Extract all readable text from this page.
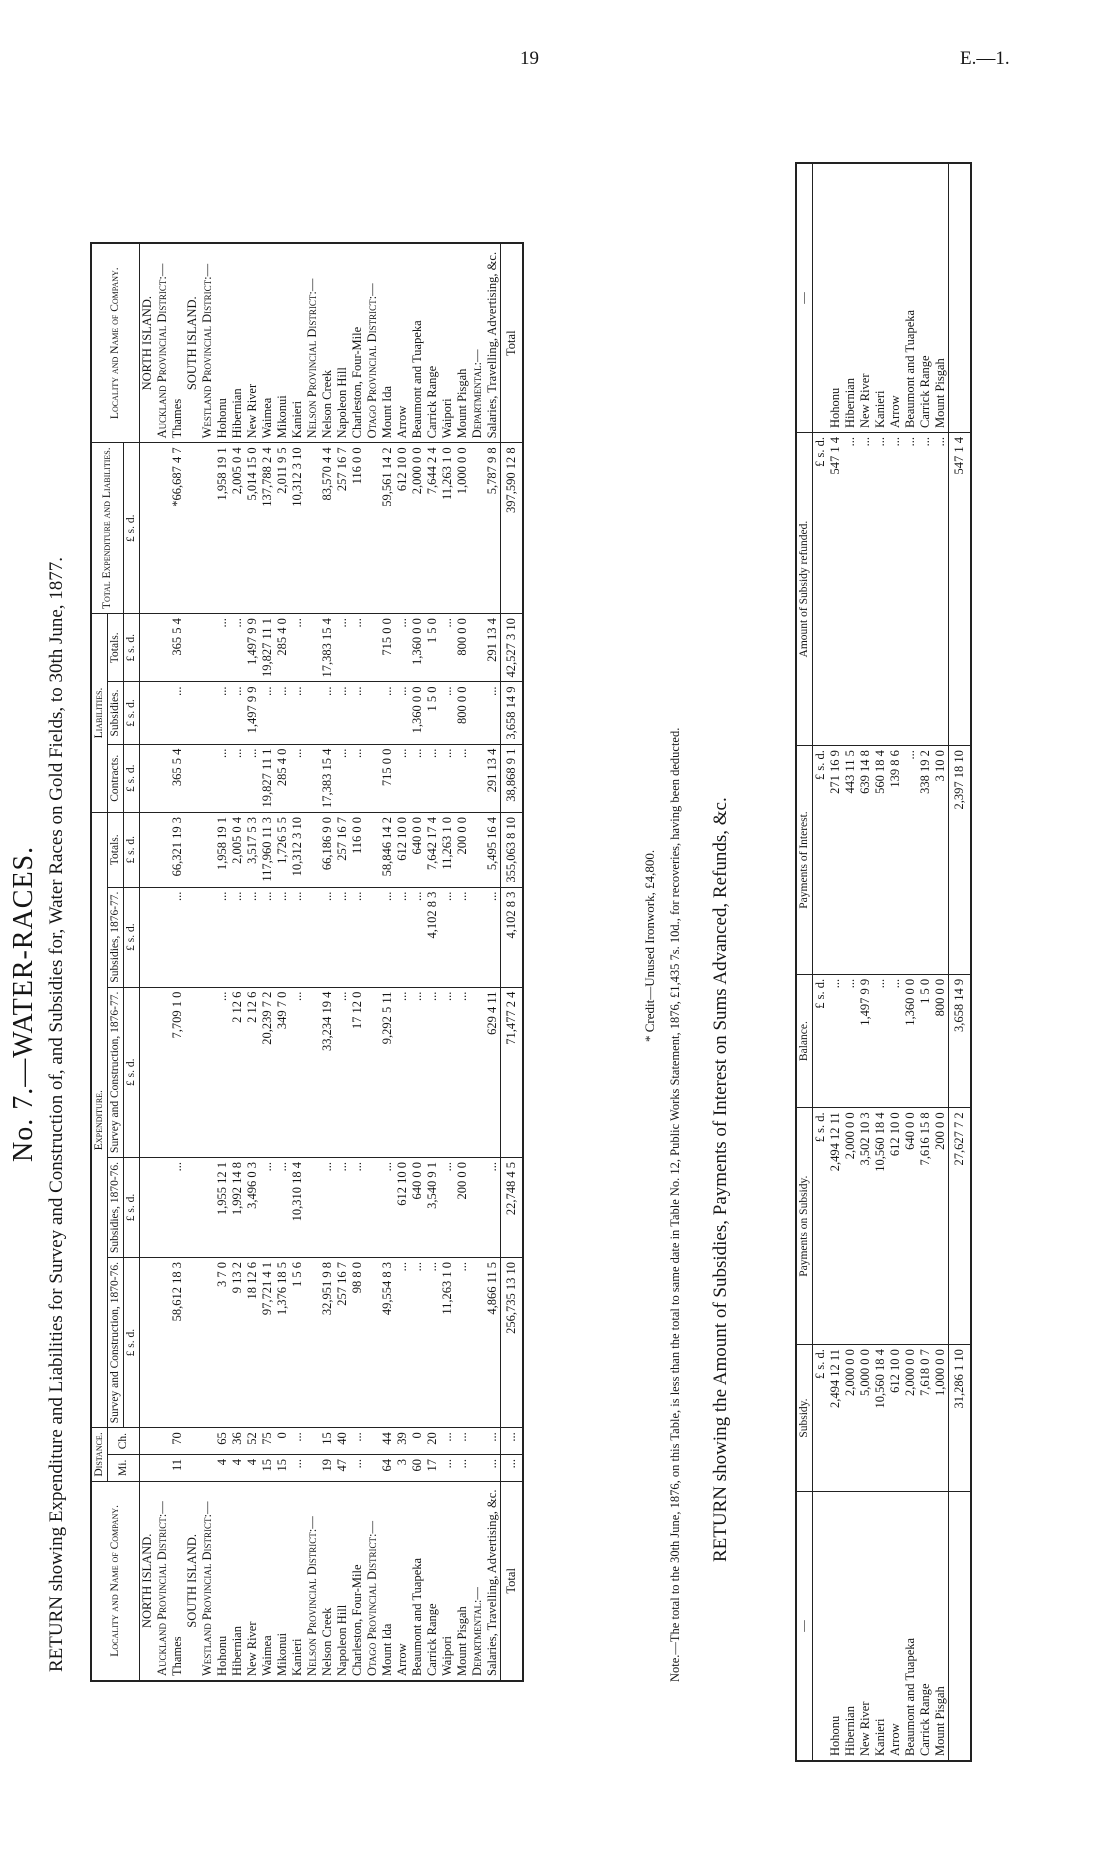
19	E.—1.
No. 7.—WATER-RACES. RETURN showing Expenditure and Liabilities for Survey and Construction of, and Subsidies for, Water Races on Gold Fields, to 30th June, 1877.	Locality and Name of Company.	Distance.		Expenditure.					Liabilities.			Total Expenditure and Liabilities.	Locality and Name of Company.
	Mi.	Ch.	Survey and Construction, 1870-76.	Subsidies, 1870-76.	Survey and Construction, 1876-77.	Subsidies, 1876-77.	Totals.	Contracts.	Subsidies.	Totals.		
			£ s. d.	£ s. d.	£ s. d.	£ s. d.	£ s. d.	£ s. d.	£ s. d.	£ s. d.	£ s. d.	
NORTH ISLAND.												NORTH ISLAND.
Auckland Provincial District:—												Auckland Provincial District:—
Thames	11	70	58,612 18 3	...	7,709 1 0	...	66,321 19 3	365 5 4	...	365 5 4	*66,687 4 7	Thames
SOUTH ISLAND.												SOUTH ISLAND.
Westland Provincial District:—												Westland Provincial District:—
Hohonu	4	65	3 7 0	1,955 12 1	...	...	1,958 19 1	...	...	...	1,958 19 1	Hohonu
Hibernian	4	36	9 13 2	1,992 14 8	2 12 6	...	2,005 0 4	...	...	...	2,005 0 4	Hibernian
New River	4	52	18 12 6	3,496 0 3	2 12 6	...	3,517 5 3	...	1,497 9 9	1,497 9 9	5,014 15 0	New River
Waimea	15	75	97,721 4 1	...	20,239 7 2	...	117,960 11 3	19,827 11 1	...	19,827 11 1	137,788 2 4	Waimea
Mikonui	15	0	1,376 18 5	...	349 7 0	...	1,726 5 5	285 4 0	...	285 4 0	2,011 9 5	Mikonui
Kanieri	...	...	1 5 6	10,310 18 4	...	...	10,312 3 10	...	...	...	10,312 3 10	Kanieri
Nelson Provincial District:—												Nelson Provincial District:—
Nelson Creek	19	15	32,951 9 8	...	33,234 19 4	...	66,186 9 0	17,383 15 4	...	17,383 15 4	83,570 4 4	Nelson Creek
Napoleon Hill	47	40	257 16 7	...	...	...	257 16 7	...	...	...	257 16 7	Napoleon Hill
Charleston, Four-Mile	...	...	98 8 0	...	17 12 0	...	116 0 0	...	...	...	116 0 0	Charleston, Four-Mile
Otago Provincial District:—												Otago Provincial District:—
Mount Ida	64	44	49,554 8 3	...	9,292 5 11	...	58,846 14 2	715 0 0	...	715 0 0	59,561 14 2	Mount Ida
Arrow	3	39	...	612 10 0	...	...	612 10 0	...	...	...	612 10 0	Arrow
Beaumont and Tuapeka	60	0	...	640 0 0	...	...	640 0 0	...	1,360 0 0	1,360 0 0	2,000 0 0	Beaumont and Tuapeka
Carrick Range	17	20	...	3,540 9 1	...	4,102 8 3	7,642 17 4	...	1 5 0	1 5 0	7,644 2 4	Carrick Range
Waipori	...	...	11,263 1 0	...	...	...	11,263 1 0	...	...	...	11,263 1 0	Waipori
Mount Pisgah	...	...	...	200 0 0	...	...	200 0 0	...	800 0 0	800 0 0	1,000 0 0	Mount Pisgah
Departmental:—												Departmental:—
Salaries, Travelling, Advertising, &c.	...	...	4,866 11 5	...	629 4 11	...	5,495 16 4	291 13 4	...	291 13 4	5,787 9 8	Salaries, Travelling, Advertising, &c.
Total	...	...	256,735 13 10	22,748 4 5	71,477 2 4	4,102 8 3	355,063 8 10	38,868 9 1	3,658 14 9	42,527 3 10	397,590 12 8	Total
* Credit—Unused Ironwork, £4,800. Note.—The total to the 30th June, 1876, on this Table, is less than the total to same date in Table No. 12, Public Works Statement, 1876, £1,435 7s. 10d., for recoveries, having been deducted. RETURN showing the Amount of Subsidies, Payments of Interest on Sums Advanced, Refunds, &c.
—	Subsidy.	Payments on Subsidy.	Balance.	Payments of Interest.	Amount of Subsidy refunded.	—
	£ s. d.	£ s. d.	£ s. d.	£ s. d.	£ s. d.	
Hohonu	2,494 12 11	2,494 12 11	...	271 16 9	547 1 4	Hohonu
Hibernian	2,000 0 0	2,000 0 0	...	443 11 5	...	Hibernian
New River	5,000 0 0	3,502 10 3	1,497 9 9	639 14 8	...	New River
Kanieri	10,560 18 4	10,560 18 4	...	560 18 4	...	Kanieri
Arrow	612 10 0	612 10 0	...	139 8 6	...	Arrow
Beaumont and Tuapeka	2,000 0 0	640 0 0	1,360 0 0	...	...	Beaumont and Tuapeka
Carrick Range	7,618 0 7	7,616 15 8	1 5 0	338 19 2	...	Carrick Range
Mount Pisgah	1,000 0 0	200 0 0	800 0 0	3 10 0	...	Mount Pisgah
	31,286 1 10	27,627 7 2	3,658 14 9	2,397 18 10	547 1 4	
